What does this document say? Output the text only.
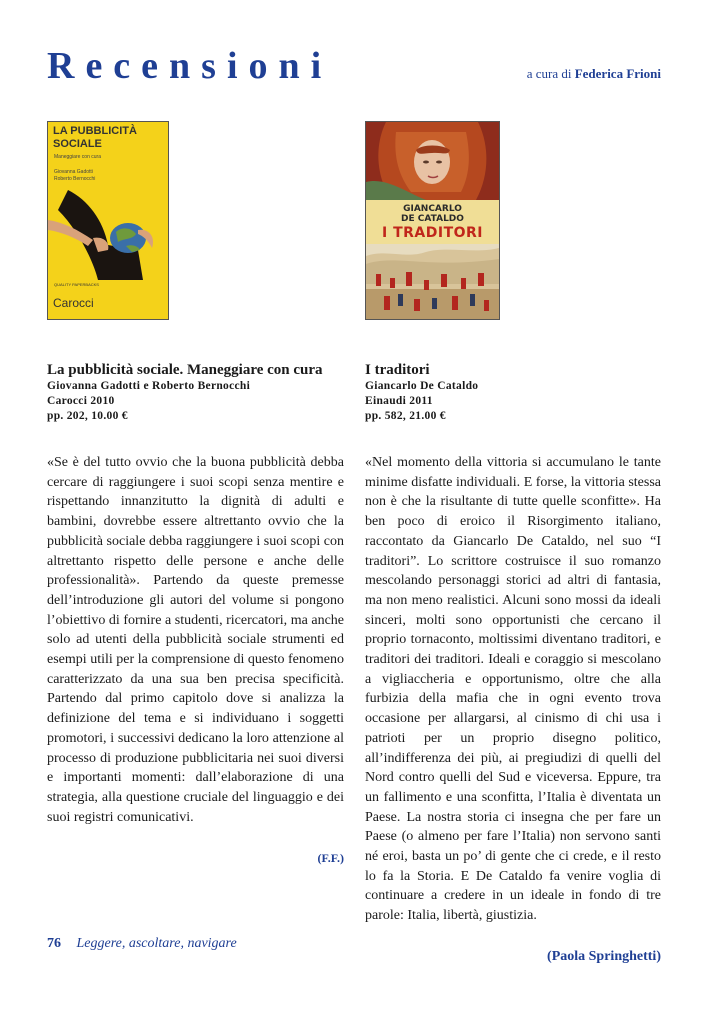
Recensioni	a cura di Federica Frioni
LA PUBBLICITÀ
SOCIALE
Maneggiare con cura
Giovanna Gadotti
Roberto Bernocchi
QUALITY PAPERBACKS
Carocci
GIANCARLO
DE CATALDO
I TRADITORI
La pubblicità sociale. Maneggiare con cura
Giovanna Gadotti e Roberto Bernocchi
Carocci 2010
pp. 202, 10.00 €
I traditori
Giancarlo De Cataldo
Einaudi 2011
pp. 582, 21.00 €

«Se è del tutto ovvio che la buona pubblicità debba cercare di raggiungere i suoi scopi senza mentire e rispettando innanzitutto la dignità di adulti e bambini, dovrebbe essere altrettanto ovvio che la pubblicità sociale debba raggiungere i suoi scopi con altrettanto rispetto delle persone e anche delle professionalità». Partendo da queste premesse dell’introduzione gli autori del volume si pongono l’obiettivo di fornire a studenti, ricercatori, ma anche solo ad utenti della pubblicità sociale strumenti ed esempi utili per la comprensione di questo fenomeno caratterizzato da una sua ben precisa specificità. Partendo dal primo capitolo dove si analizza la definizione del tema e si individuano i soggetti promotori, i successivi dedicano la loro attenzione al processo di produzione pubblicitaria nei suoi diversi e importanti momenti: dall’elaborazione di una strategia, alla questione cruciale del linguaggio e dei suoi registri comunicativi.

(F.F.)

«Nel momento della vittoria si accumulano le tante minime disfatte individuali. E forse, la vittoria stessa non è che la risultante di tutte quelle sconfitte». Ha ben poco di eroico il Risorgimento italiano, raccontato da Giancarlo De Cataldo, nel suo “I traditori”. Lo scrittore costruisce il suo romanzo mescolando personaggi storici ad altri di fantasia, ma non meno realistici. Alcuni sono mossi da ideali sinceri, molti sono opportunisti che cercano il proprio tornaconto, moltissimi diventano traditori, e traditori dei traditori. Ideali e coraggio si mescolano a vigliaccheria e opportunismo, oltre che alla furbizia della mafia che in ogni evento trova occasione per allargarsi, al cinismo di chi usa i patrioti per un proprio disegno politico, all’indifferenza dei più, ai pregiudizi di quelli del Nord contro quelli del Sud e viceversa. Eppure, tra un fallimento e una sconfitta, l’Italia è diventata un Paese. La nostra storia ci insegna che per fare un Paese (o almeno per fare l’Italia) non servono santi né eroi, basta un po’ di gente che ci crede, e il resto lo fa la Storia. E De Cataldo fa venire voglia di continuare a credere in un ideale in fondo di tre parole: Italia, libertà, giustizia.

(Paola Springhetti)
76 Leggere, ascoltare, navigare
